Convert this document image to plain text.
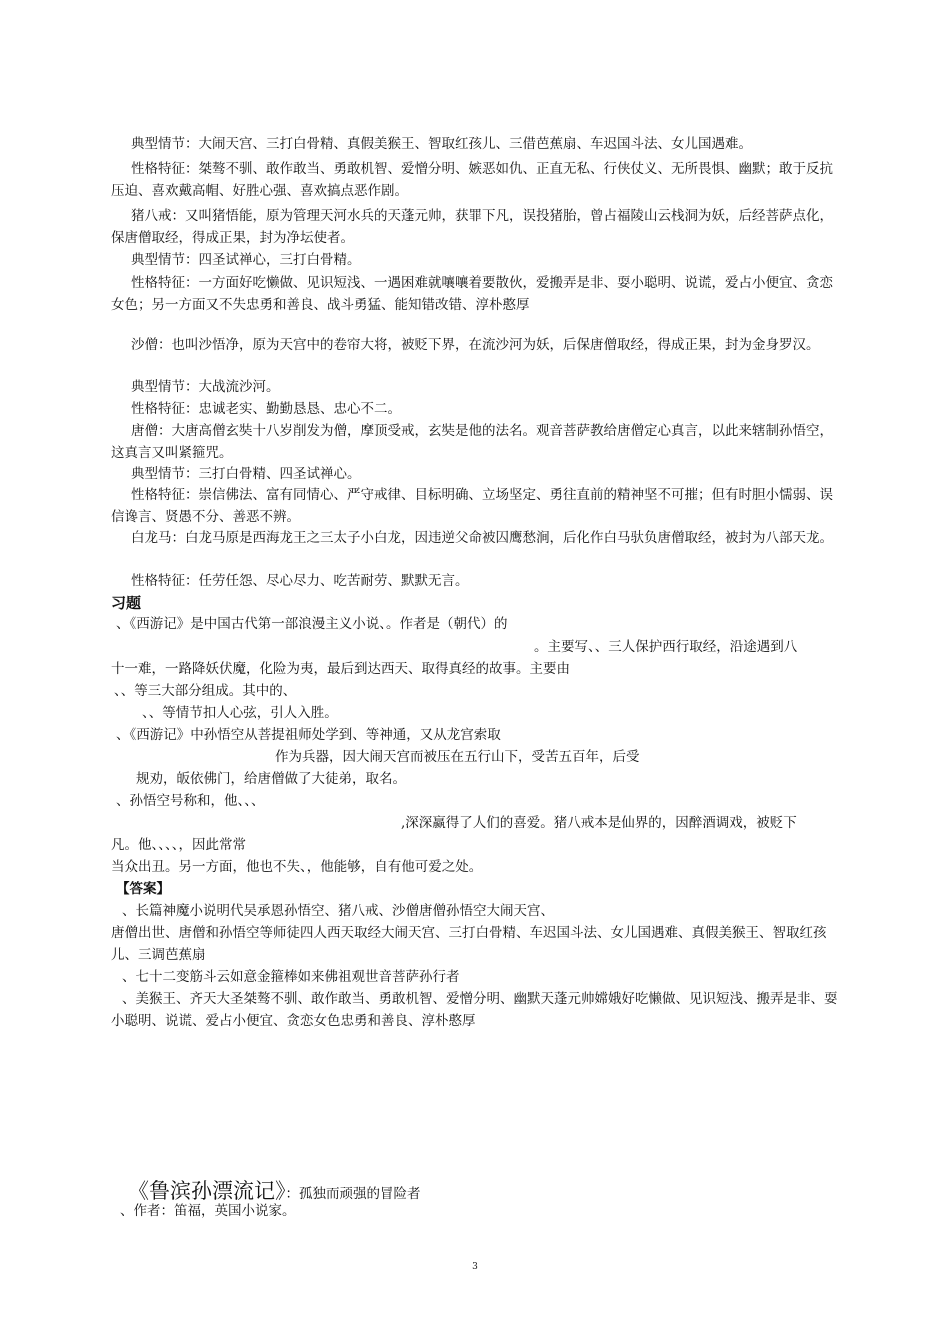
典型情节：大闹天宫、三打白骨精、真假美猴王、智取红孩儿、三借芭蕉扇、车迟国斗法、女儿国遇难。

性格特征：桀骜不驯、敢作敢当、勇敢机智、爱憎分明、嫉恶如仇、正直无私、行侠仗义、无所畏惧、幽默；敢于反抗压迫、喜欢戴高帽、好胜心强、喜欢搞点恶作剧。

猪八戒：又叫猪悟能，原为管理天河水兵的天蓬元帅，获罪下凡，误投猪胎，曾占福陵山云栈洞为妖，后经菩萨点化，保唐僧取经，得成正果，封为净坛使者。

典型情节：四圣试禅心，三打白骨精。

性格特征：一方面好吃懒做、见识短浅、一遇困难就嚷嚷着要散伙，爱搬弄是非、耍小聪明、说谎，爱占小便宜、贪恋女色；另一方面又不失忠勇和善良、战斗勇猛、能知错改错、淳朴憨厚

沙僧：也叫沙悟净，原为天宫中的卷帘大将，被贬下界，在流沙河为妖，后保唐僧取经，得成正果，封为金身罗汉。

典型情节：大战流沙河。

性格特征：忠诚老实、勤勤恳恳、忠心不二。

唐僧：大唐高僧玄奘十八岁削发为僧，摩顶受戒，玄奘是他的法名。观音菩萨教给唐僧定心真言，以此来辖制孙悟空，这真言又叫紧箍咒。

典型情节：三打白骨精、四圣试禅心。

性格特征：崇信佛法、富有同情心、严守戒律、目标明确、立场坚定、勇往直前的精神坚不可摧；但有时胆小懦弱、误信谗言、贤愚不分、善恶不辨。

白龙马：白龙马原是西海龙王之三太子小白龙，因违逆父命被囚鹰愁涧，后化作白马驮负唐僧取经，被封为八部天龙。

性格特征：任劳任怨、尽心尽力、吃苦耐劳、默默无言。

习题

、《西游记》是中国古代第一部浪漫主义小说、。作者是（朝代）的

。主要写、、三人保护西行取经，沿途遇到八

十一难，一路降妖伏魔，化险为夷，最后到达西天、取得真经的故事。主要由

、、等三大部分组成。其中的、

、、等情节扣人心弦，引人入胜。

、《西游记》中孙悟空从菩提祖师处学到、等神通，又从龙宫索取

作为兵器，因大闹天宫而被压在五行山下，受苦五百年，后受

规劝，皈依佛门，给唐僧做了大徒弟，取名。

、孙悟空号称和，他、、、

,深深赢得了人们的喜爱。猪八戒本是仙界的，因醉酒调戏，被贬下

凡。他、、、、，因此常常

当众出丑。另一方面，他也不失、，他能够，自有他可爱之处。

【答案】

、长篇神魔小说明代吴承恩孙悟空、猪八戒、沙僧唐僧孙悟空大闹天宫、

唐僧出世、唐僧和孙悟空等师徒四人西天取经大闹天宫、三打白骨精、车迟国斗法、女儿国遇难、真假美猴王、智取红孩儿、三调芭蕉扇

、七十二变筋斗云如意金箍棒如来佛祖观世音菩萨孙行者

、美猴王、齐天大圣桀骜不驯、敢作敢当、勇敢机智、爱憎分明、幽默天蓬元帅嫦娥好吃懒做、见识短浅、搬弄是非、耍小聪明、说谎、爱占小便宜、贪恋女色忠勇和善良、淳朴憨厚

《鲁滨孙漂流记》：孤独而顽强的冒险者

、作者：笛福，英国小说家。

3
